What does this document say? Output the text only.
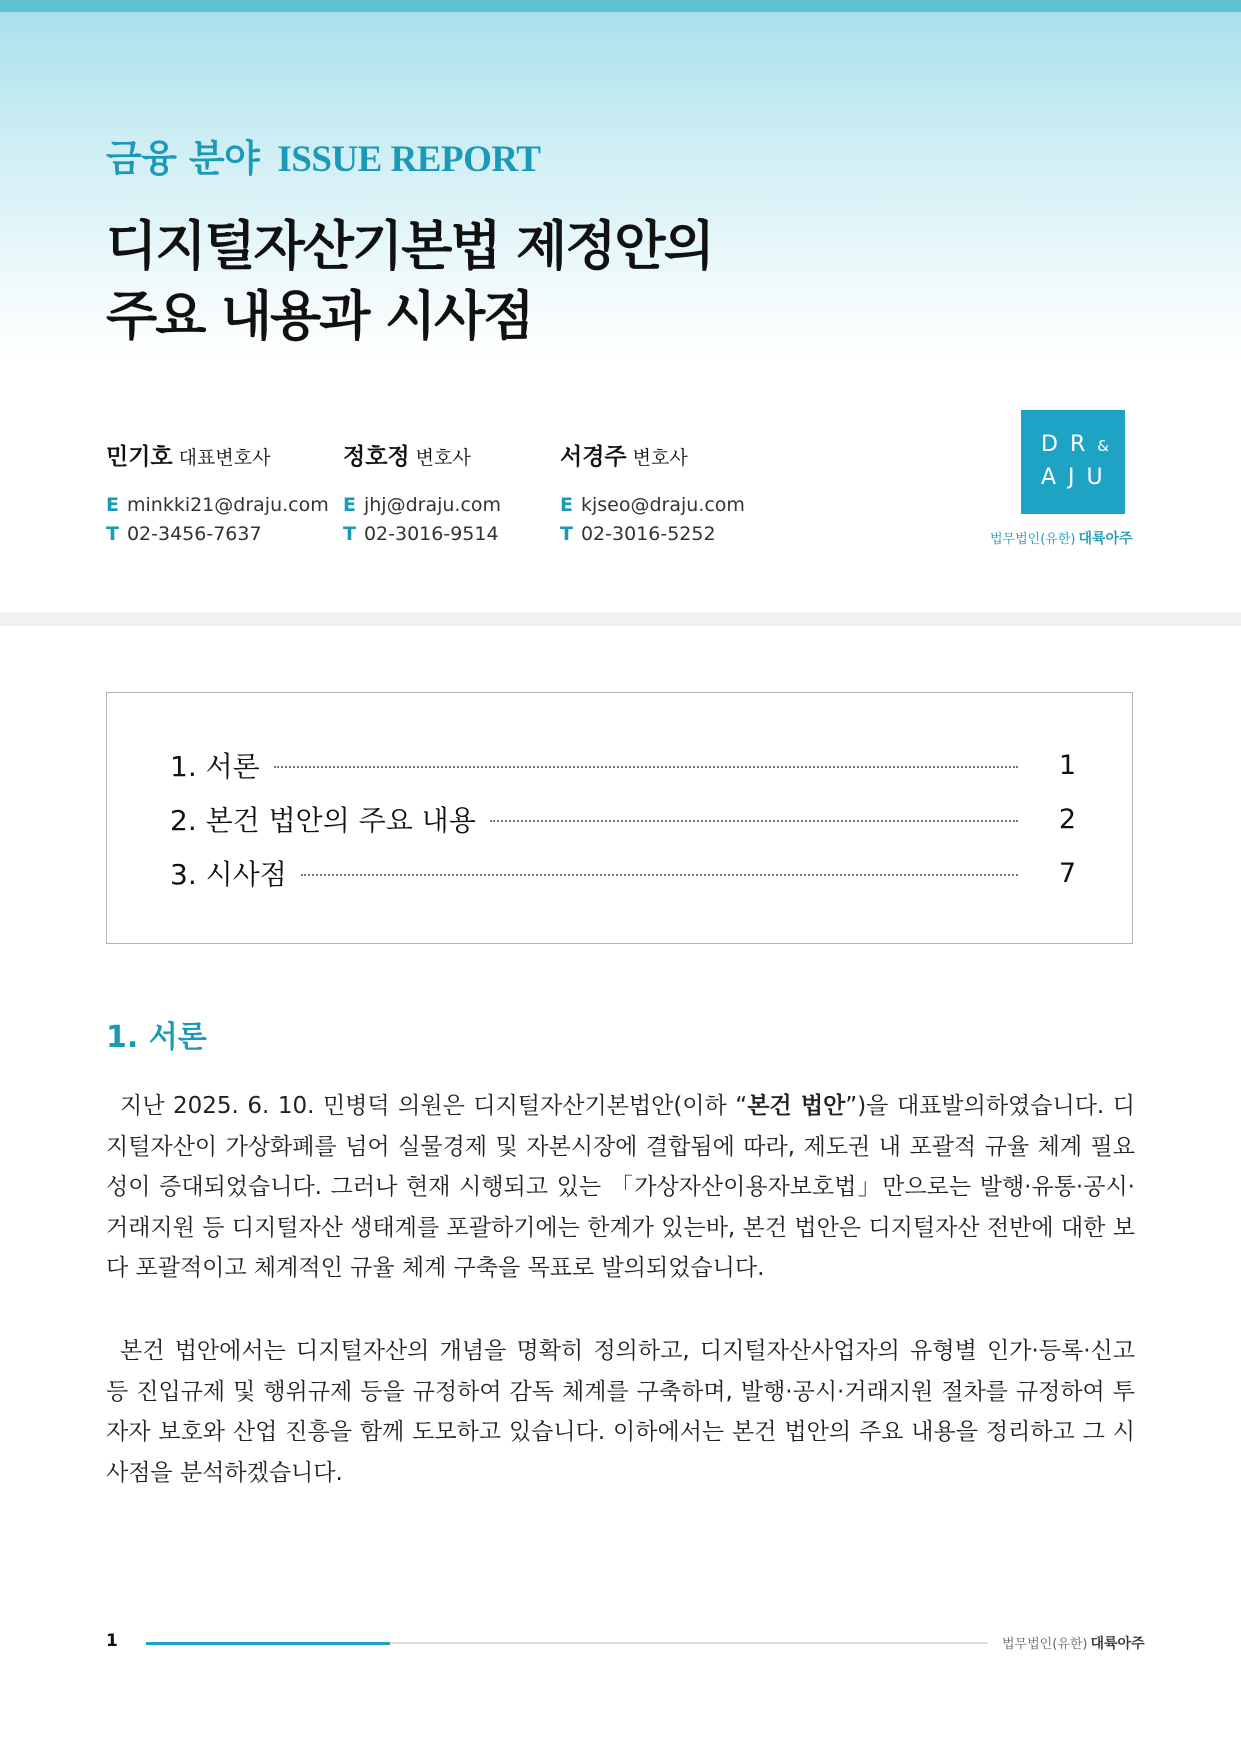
금융 분야 ISSUE REPORT
디지털자산기본법 제정안의
주요 내용과 시사점
민기호 대표변호사
E minkki21@draju.com
T 02-3456-7637
정호정 변호사
E jhj@draju.com
T 02-3016-9514
서경주 변호사
E kjseo@draju.com
T 02-3016-5252
DR&
AJU
법무법인(유한) 대륙아주
1. 서론	1
2. 본건 법안의 주요 내용	2
3. 시사점	7
1. 서론

지난 2025. 6. 10. 민병덕 의원은 디지털자산기본법안(이하 “본건 법안”)을 대표발의하였습니다. 디지털자산이 가상화폐를 넘어 실물경제 및 자본시장에 결합됨에 따라, 제도권 내 포괄적 규율 체계 필요성이 증대되었습니다. 그러나 현재 시행되고 있는 「가상자산이용자보호법」만으로는 발행·유통·공시·거래지원 등 디지털자산 생태계를 포괄하기에는 한계가 있는바, 본건 법안은 디지털자산 전반에 대한 보다 포괄적이고 체계적인 규율 체계 구축을 목표로 발의되었습니다.

본건 법안에서는 디지털자산의 개념을 명확히 정의하고, 디지털자산사업자의 유형별 인가·등록·신고 등 진입규제 및 행위규제 등을 규정하여 감독 체계를 구축하며, 발행·공시·거래지원 절차를 규정하여 투자자 보호와 산업 진흥을 함께 도모하고 있습니다. 이하에서는 본건 법안의 주요 내용을 정리하고 그 시사점을 분석하겠습니다.

1	법무법인(유한) 대륙아주
